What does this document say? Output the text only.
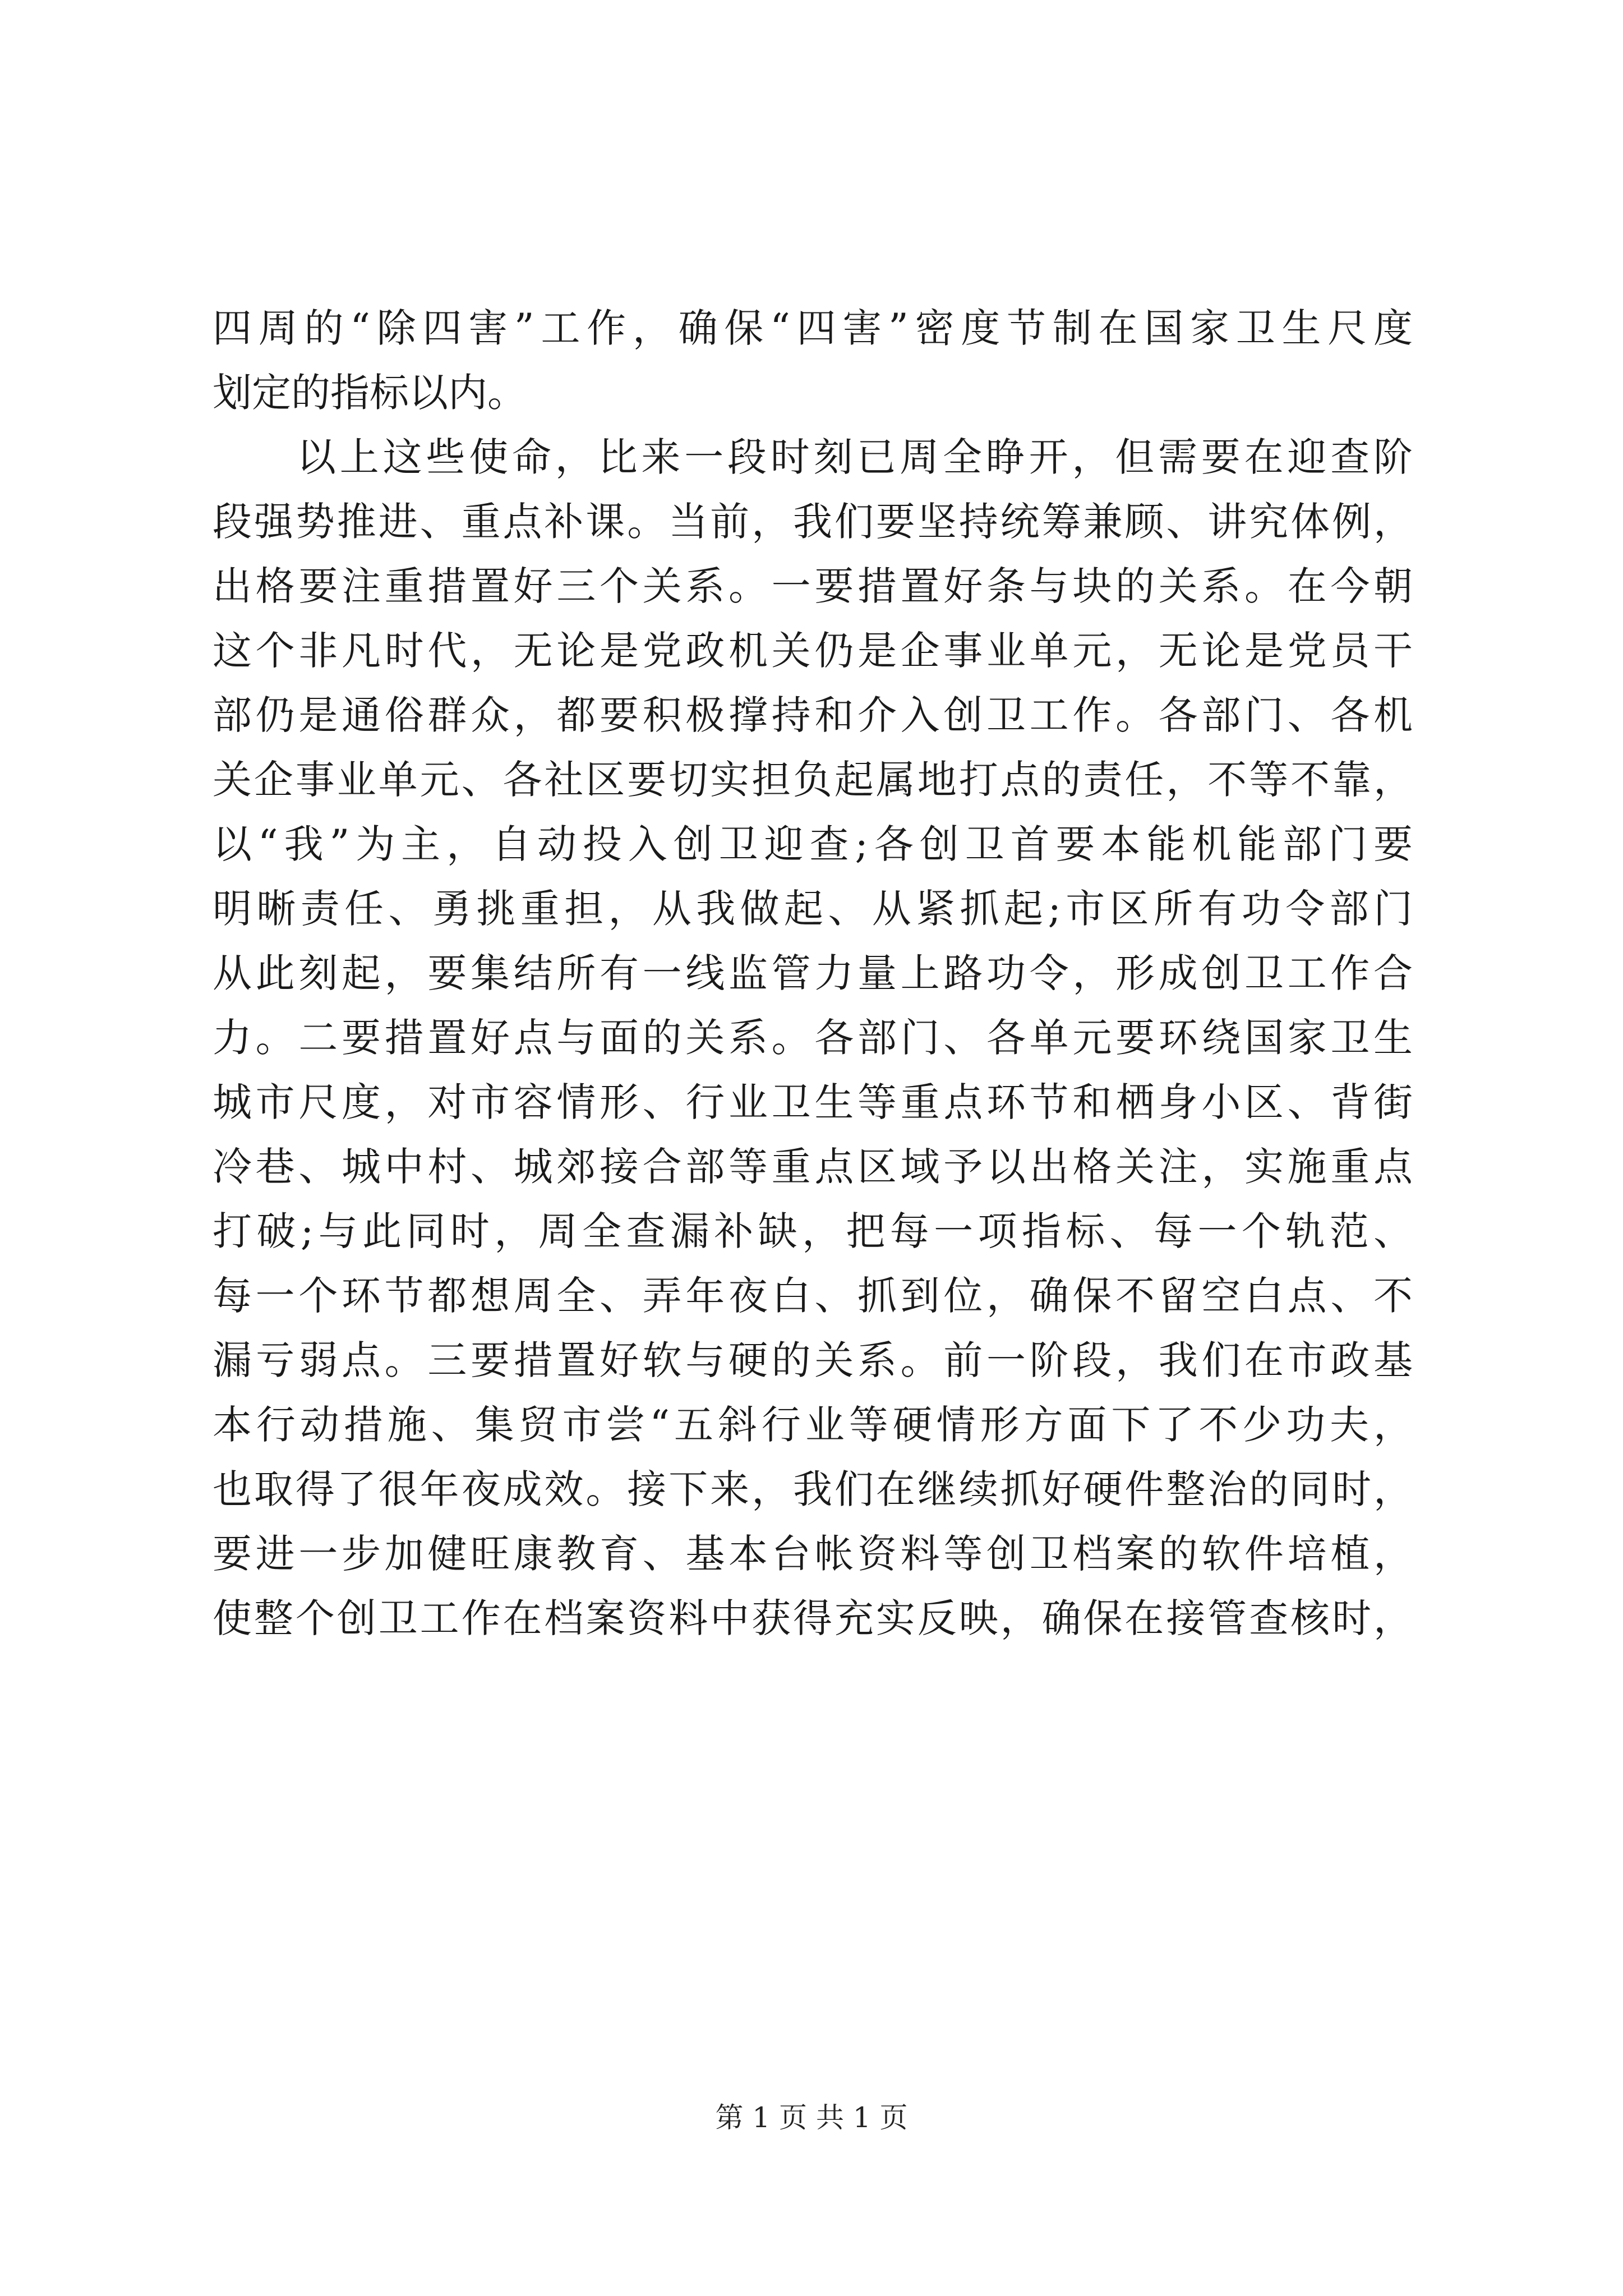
四周的“除四害”工作，确保“四害”密度节制在国家卫生尺度
划定的指标以内。
以上这些使命，比来一段时刻已周全睁开，但需要在迎查阶
段强势推进、重点补课。当前，我们要坚持统筹兼顾、讲究体例，
出格要注重措置好三个关系。一要措置好条与块的关系。在今朝
这个非凡时代，无论是党政机关仍是企事业单元，无论是党员干
部仍是通俗群众，都要积极撑持和介入创卫工作。各部门、各机
关企事业单元、各社区要切实担负起属地打点的责任，不等不靠，
以“我”为主，自动投入创卫迎查;各创卫首要本能机能部门要
明晰责任、勇挑重担，从我做起、从紧抓起;市区所有功令部门
从此刻起，要集结所有一线监管力量上路功令，形成创卫工作合
力。二要措置好点与面的关系。各部门、各单元要环绕国家卫生
城市尺度，对市容情形、行业卫生等重点环节和栖身小区、背街
冷巷、城中村、城郊接合部等重点区域予以出格关注，实施重点
打破;与此同时，周全查漏补缺，把每一项指标、每一个轨范、
每一个环节都想周全、弄年夜白、抓到位，确保不留空白点、不
漏亏弱点。三要措置好软与硬的关系。前一阶段，我们在市政基
本行动措施、集贸市尝“五斜行业等硬情形方面下了不少功夫，
也取得了很年夜成效。接下来，我们在继续抓好硬件整治的同时，
要进一步加健旺康教育、基本台帐资料等创卫档案的软件培植，
使整个创卫工作在档案资料中获得充实反映，确保在接管查核时，
第 1 页 共 1 页
